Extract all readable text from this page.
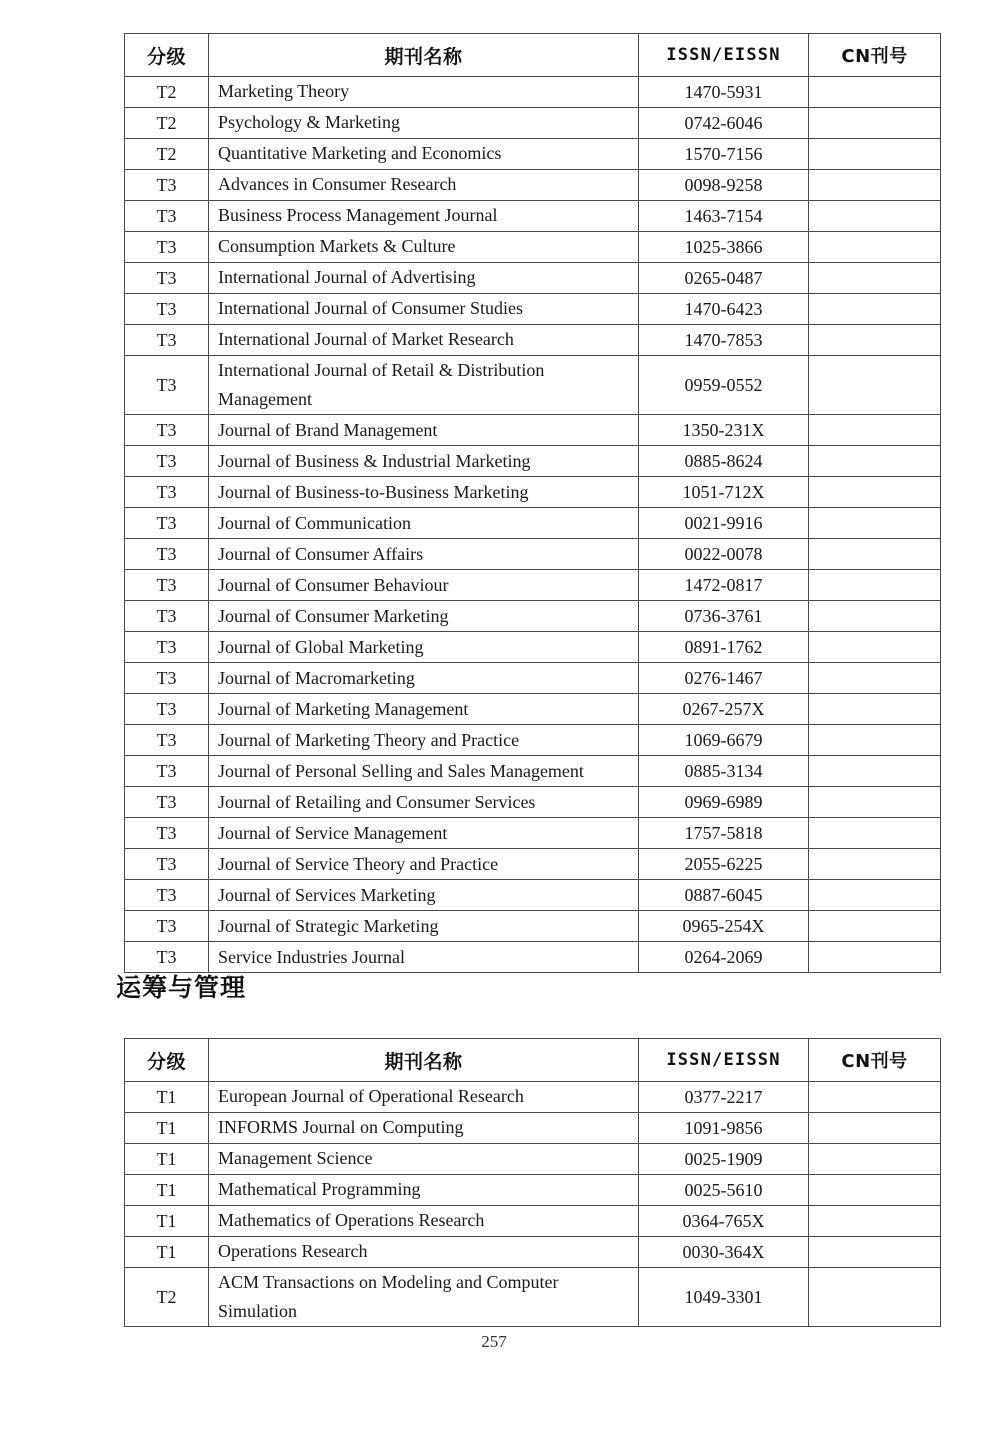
分级	期刊名称	ISSN/EISSN	CN刊号
T2	Marketing Theory	1470-5931	
T2	Psychology & Marketing	0742-6046	
T2	Quantitative Marketing and Economics	1570-7156	
T3	Advances in Consumer Research	0098-9258	
T3	Business Process Management Journal	1463-7154	
T3	Consumption Markets & Culture	1025-3866	
T3	International Journal of Advertising	0265-0487	
T3	International Journal of Consumer Studies	1470-6423	
T3	International Journal of Market Research	1470-7853	
T3	International Journal of Retail & Distribution Management	0959-0552	
T3	Journal of Brand Management	1350-231X	
T3	Journal of Business & Industrial Marketing	0885-8624	
T3	Journal of Business-to-Business Marketing	1051-712X	
T3	Journal of Communication	0021-9916	
T3	Journal of Consumer Affairs	0022-0078	
T3	Journal of Consumer Behaviour	1472-0817	
T3	Journal of Consumer Marketing	0736-3761	
T3	Journal of Global Marketing	0891-1762	
T3	Journal of Macromarketing	0276-1467	
T3	Journal of Marketing Management	0267-257X	
T3	Journal of Marketing Theory and Practice	1069-6679	
T3	Journal of Personal Selling and Sales Management	0885-3134	
T3	Journal of Retailing and Consumer Services	0969-6989	
T3	Journal of Service Management	1757-5818	
T3	Journal of Service Theory and Practice	2055-6225	
T3	Journal of Services Marketing	0887-6045	
T3	Journal of Strategic Marketing	0965-254X	
T3	Service Industries Journal	0264-2069	
运筹与管理
分级	期刊名称	ISSN/EISSN	CN刊号
T1	European Journal of Operational Research	0377-2217	
T1	INFORMS Journal on Computing	1091-9856	
T1	Management Science	0025-1909	
T1	Mathematical Programming	0025-5610	
T1	Mathematics of Operations Research	0364-765X	
T1	Operations Research	0030-364X	
T2	ACM Transactions on Modeling and Computer Simulation	1049-3301	
257
